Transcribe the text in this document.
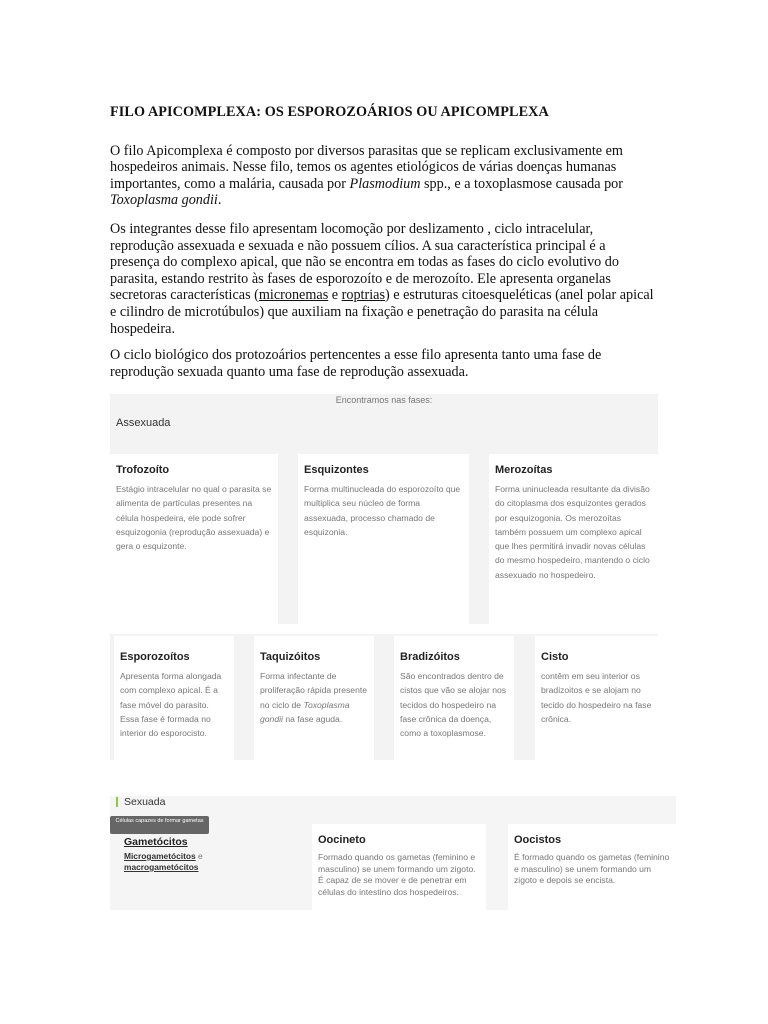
FILO APICOMPLEXA: OS ESPOROZOÁRIOS OU APICOMPLEXA

O filo Apicomplexa é composto por diversos parasitas que se replicam exclusivamente em hospedeiros animais. Nesse filo, temos os agentes etiológicos de várias doenças humanas importantes, como a malária, causada por Plasmodium spp., e a toxoplasmose causada por Toxoplasma gondii.

Os integrantes desse filo apresentam locomoção por deslizamento , ciclo intracelular, reprodução assexuada e sexuada e não possuem cílios. A sua característica principal é a presença do complexo apical, que não se encontra em todas as fases do ciclo evolutivo do parasita, estando restrito às fases de esporozoíto e de merozoíto. Ele apresenta organelas secretoras características (micronemas e roptrias) e estruturas citoesqueléticas (anel polar apical e cilindro de microtúbulos) que auxiliam na fixação e penetração do parasita na célula hospedeira.

O ciclo biológico dos protozoários pertencentes a esse filo apresenta tanto uma fase de reprodução sexuada quanto uma fase de reprodução assexuada.

Encontramos nas fases:
Assexuada
Trofozoíto
Estágio intracelular no qual o parasita se alimenta de partículas presentes na célula hospedeira, ele pode sofrer esquizogonia (reprodução assexuada) e gera o esquizonte.
Esquizontes
Forma multinucleada do esporozoíto que multiplica seu núcleo de forma assexuada, processo chamado de esquizonia.
Merozoítas
Forma uninucleada resultante da divisão do citoplasma dos esquizontes gerados por esquizogonia. Os merozoítas também possuem um complexo apical que lhes permitirá invadir novas células do mesmo hospedeiro, mantendo o ciclo assexuado no hospedeiro.
Esporozoítos
Apresenta forma alongada com complexo apical. É a fase móvel do parasito. Essa fase é formada no interior do esporocisto.
Taquizóitos
Forma infectante de proliferação rápida presente no ciclo de Toxoplasma gondii na fase aguda.
Bradizóitos
São encontrados dentro de cistos que vão se alojar nos tecidos do hospedeiro na fase crônica da doença, como a toxoplasmose.
Cisto
contêm em seu interior os bradizoitos e se alojam no tecido do hospedeiro na fase crônica.
Sexuada
Células capazes de formar gametas
Gametócitos
Microgametócitos e
macrogametócitos
Oocineto
Formado quando os gametas (feminino e masculino) se unem formando um zigoto. É capaz de se mover e de penetrar em células do intestino dos hospedeiros.
Oocistos
É formado quando os gametas (feminino e masculino) se unem formando um zigoto e depois se encista.
